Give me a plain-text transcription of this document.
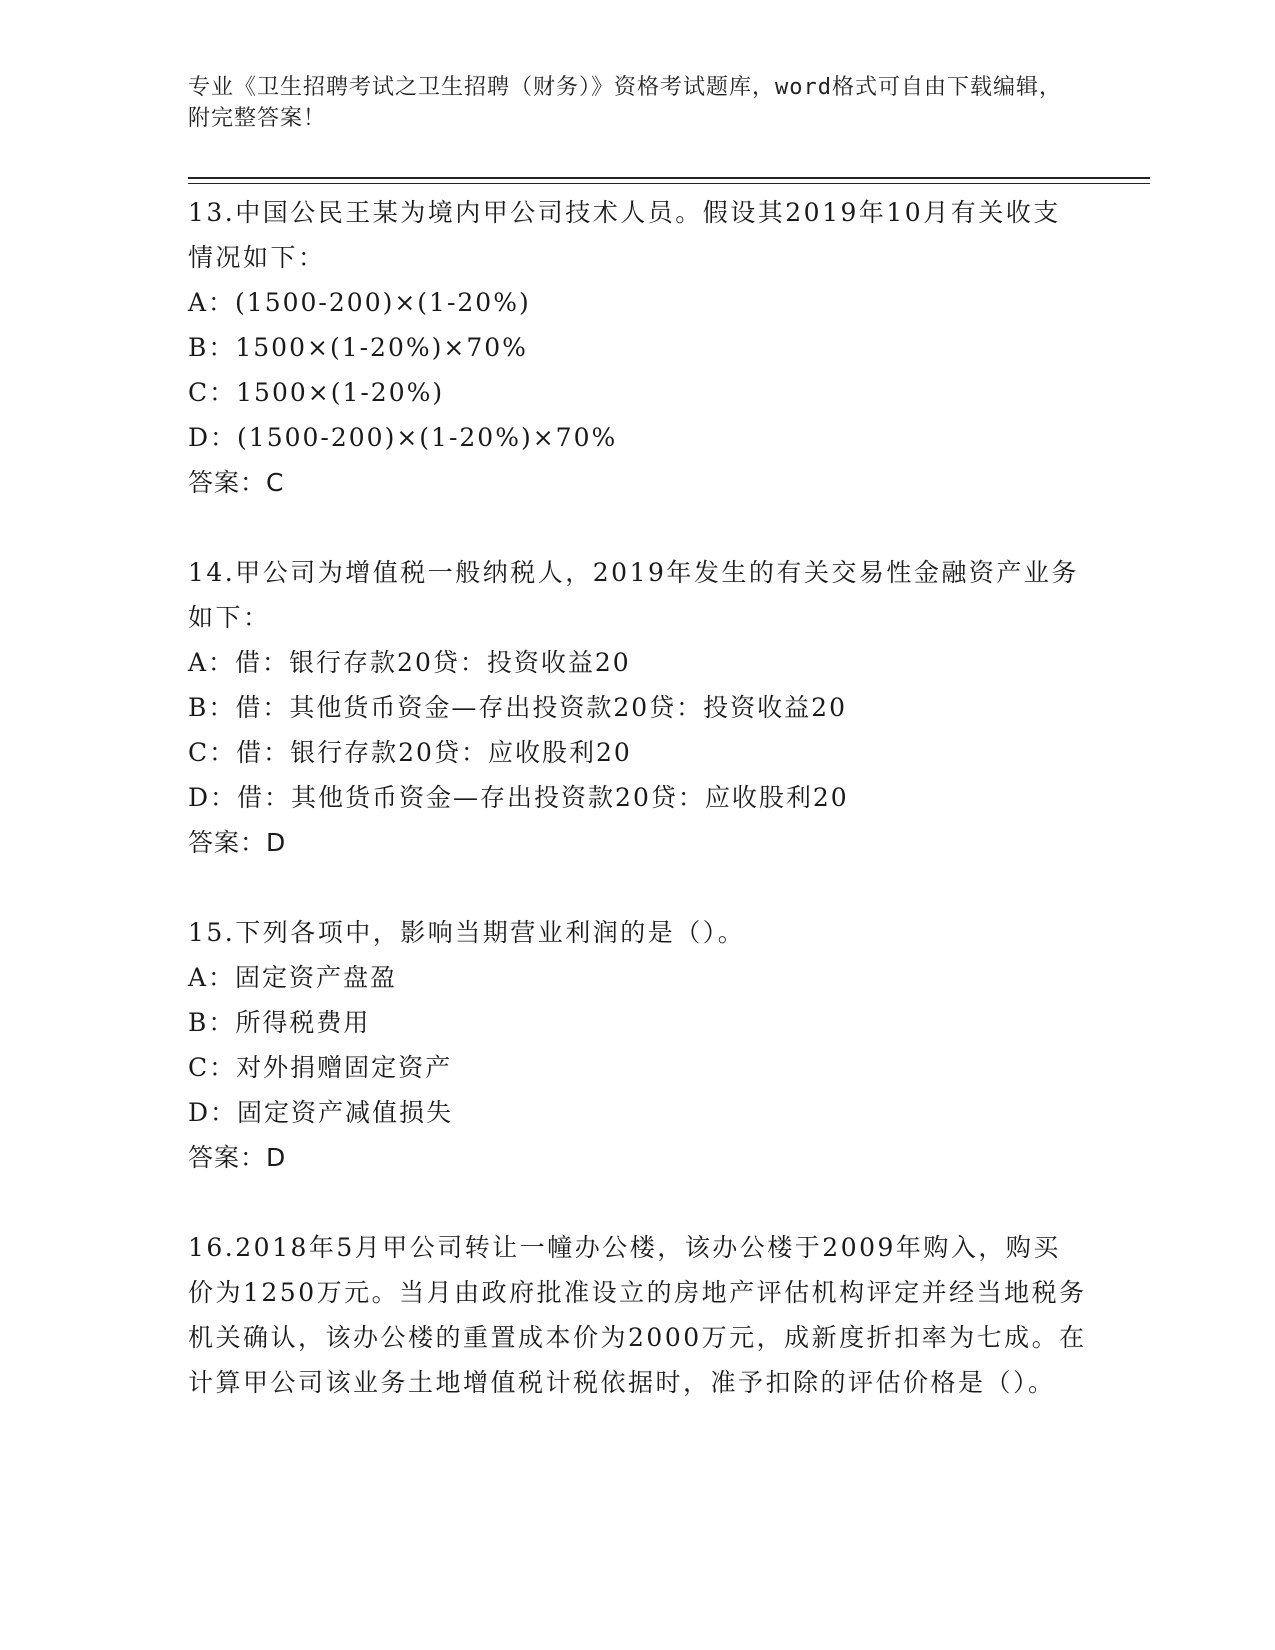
专业《卫生招聘考试之卫生招聘（财务）》资格考试题库，word格式可自由下载编辑，附完整答案！

13.中国公民王某为境内甲公司技术人员。假设其2019年10月有关收支情况如下：

A：(1500-200)×(1-20%)

B：1500×(1-20%)×70%

C：1500×(1-20%)

D：(1500-200)×(1-20%)×70%

答案：C

14.甲公司为增值税一般纳税人，2019年发生的有关交易性金融资产业务如下：

A：借：银行存款20贷：投资收益20

B：借：其他货币资金—存出投资款20贷：投资收益20

C：借：银行存款20贷：应收股利20

D：借：其他货币资金—存出投资款20贷：应收股利20

答案：D

15.下列各项中，影响当期营业利润的是（）。

A：固定资产盘盈

B：所得税费用

C：对外捐赠固定资产

D：固定资产减值损失

答案：D

16.2018年5月甲公司转让一幢办公楼，该办公楼于2009年购入，购买价为1250万元。当月由政府批准设立的房地产评估机构评定并经当地税务机关确认，该办公楼的重置成本价为2000万元，成新度折扣率为七成。在计算甲公司该业务土地增值税计税依据时，准予扣除的评估价格是（）。
